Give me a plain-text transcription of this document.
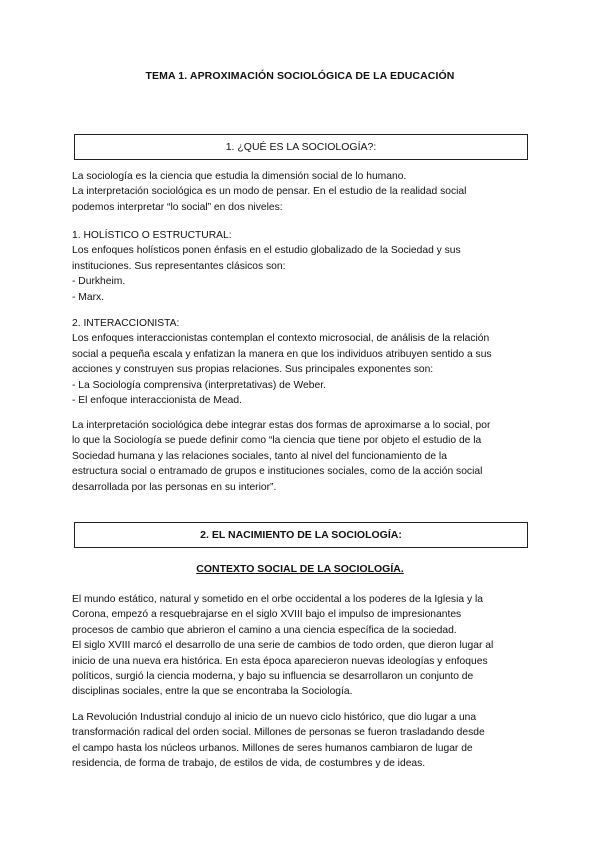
TEMA 1. APROXIMACIÓN SOCIOLÓGICA DE LA EDUCACIÓN
1. ¿QUÉ ES LA SOCIOLOGÍA?:
La sociología es la ciencia que estudia la dimensión social de lo humano.
La interpretación sociológica es un modo de pensar. En el estudio de la realidad social
podemos interpretar “lo social” en dos niveles:
1. HOLÍSTICO O ESTRUCTURAL:
Los enfoques holísticos ponen énfasis en el estudio globalizado de la Sociedad y sus
instituciones. Sus representantes clásicos son:
- Durkheim.
- Marx.
2. INTERACCIONISTA:
Los enfoques interaccionistas contemplan el contexto microsocial, de análisis de la relación
social a pequeña escala y enfatizan la manera en que los individuos atribuyen sentido a sus
acciones y construyen sus propias relaciones. Sus principales exponentes son:
- La Sociología comprensiva (interpretativas) de Weber.
- El enfoque interaccionista de Mead.
La interpretación sociológica debe integrar estas dos formas de aproximarse a lo social, por
lo que la Sociología se puede definir como “la ciencia que tiene por objeto el estudio de la
Sociedad humana y las relaciones sociales, tanto al nivel del funcionamiento de la
estructura social o entramado de grupos e instituciones sociales, como de la acción social
desarrollada por las personas en su interior”.
2. EL NACIMIENTO DE LA SOCIOLOGÍA:
CONTEXTO SOCIAL DE LA SOCIOLOGÍA.
El mundo estático, natural y sometido en el orbe occidental a los poderes de la Iglesia y la
Corona, empezó a resquebrajarse en el siglo XVIII bajo el impulso de impresionantes
procesos de cambio que abrieron el camino a una ciencia específica de la sociedad.
El siglo XVIII marcó el desarrollo de una serie de cambios de todo orden, que dieron lugar al
inicio de una nueva era histórica. En esta época aparecieron nuevas ideologías y enfoques
políticos, surgió la ciencia moderna, y bajo su influencia se desarrollaron un conjunto de
disciplinas sociales, entre la que se encontraba la Sociología.
La Revolución Industrial condujo al inicio de un nuevo ciclo histórico, que dio lugar a una
transformación radical del orden social. Millones de personas se fueron trasladando desde
el campo hasta los núcleos urbanos. Millones de seres humanos cambiaron de lugar de
residencia, de forma de trabajo, de estilos de vida, de costumbres y de ideas.
